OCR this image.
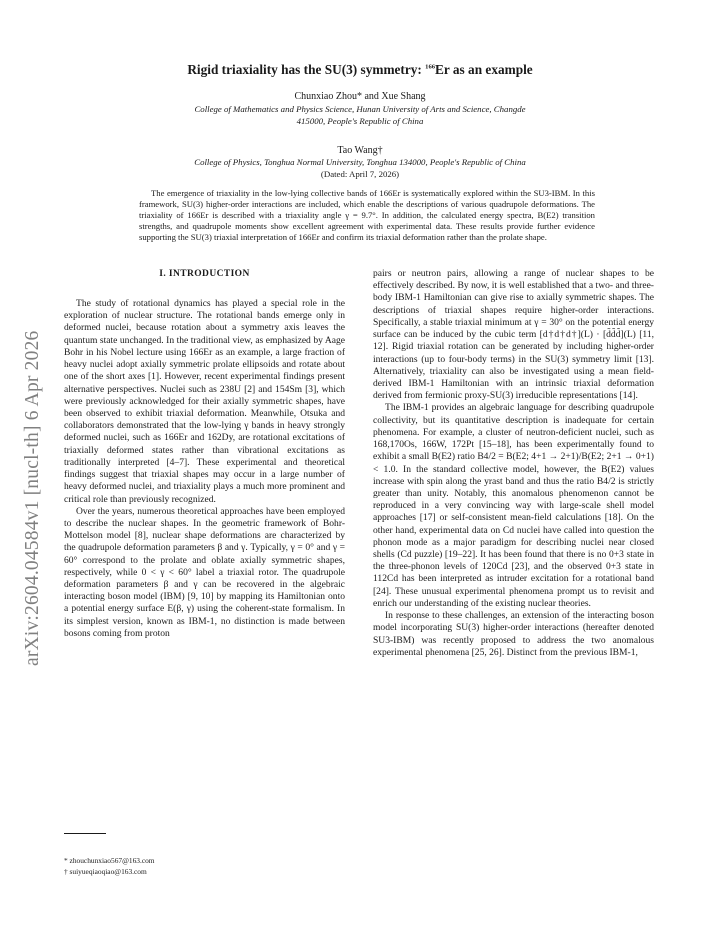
arXiv:2604.04584v1 [nucl-th] 6 Apr 2026
Rigid triaxiality has the SU(3) symmetry: $^{166}$Er as an example
Chunxiao Zhou* and Xue Shang
College of Mathematics and Physics Science, Hunan University of Arts and Science, Changde 415000, People's Republic of China
Tao Wang†
College of Physics, Tonghua Normal University, Tonghua 134000, People's Republic of China
(Dated: April 7, 2026)
The emergence of triaxiality in the low-lying collective bands of 166Er is systematically explored within the SU3-IBM. In this framework, SU(3) higher-order interactions are included, which enable the descriptions of various quadrupole deformations. The triaxiality of 166Er is described with a triaxiality angle γ = 9.7°. In addition, the calculated energy spectra, B(E2) transition strengths, and quadrupole moments show excellent agreement with experimental data. These results provide further evidence supporting the SU(3) triaxial interpretation of 166Er and confirm its triaxial deformation rather than the prolate shape.
I. INTRODUCTION

The study of rotational dynamics has played a special role in the exploration of nuclear structure. The rotational bands emerge only in deformed nuclei, because rotation about a symmetry axis leaves the quantum state unchanged. In the traditional view, as emphasized by Aage Bohr in his Nobel lecture using 166Er as an example, a large fraction of heavy nuclei adopt axially symmetric prolate ellipsoids and rotate about one of the short axes [1]. However, recent experimental findings present alternative perspectives. Nuclei such as 238U [2] and 154Sm [3], which were previously acknowledged for their axially symmetric shapes, have been observed to exhibit triaxial deformation. Meanwhile, Otsuka and collaborators demonstrated that the low-lying γ bands in heavy strongly deformed nuclei, such as 166Er and 162Dy, are rotational excitations of triaxially deformed states rather than vibrational excitations as traditionally interpreted [4–7]. These experimental and theoretical findings suggest that triaxial shapes may occur in a large number of heavy deformed nuclei, and triaxiality plays a much more prominent and critical role than previously recognized.

Over the years, numerous theoretical approaches have been employed to describe the nuclear shapes. In the geometric framework of Bohr-Mottelson model [8], nuclear shape deformations are characterized by the quadrupole deformation parameters β and γ. Typically, γ = 0° and γ = 60° correspond to the prolate and oblate axially symmetric shapes, respectively, while 0 < γ < 60° label a triaxial rotor. The quadrupole deformation parameters β and γ can be recovered in the algebraic interacting boson model (IBM) [9, 10] by mapping its Hamiltonian onto a potential energy surface E(β, γ) using the coherent-state formalism. In its simplest version, known as IBM-1, no distinction is made between bosons coming from proton

pairs or neutron pairs, allowing a range of nuclear shapes to be effectively described. By now, it is well established that a two- and three-body IBM-1 Hamiltonian can give rise to axially symmetric shapes. The descriptions of triaxial shapes require higher-order interactions. Specifically, a stable triaxial minimum at γ = 30° on the potential energy surface can be induced by the cubic term [d†d†d†](L) · [d̃d̃d̃](L) [11, 12]. Rigid triaxial rotation can be generated by including higher-order interactions (up to four-body terms) in the SU(3) symmetry limit [13]. Alternatively, triaxiality can also be investigated using a mean field-derived IBM-1 Hamiltonian with an intrinsic triaxial deformation derived from fermionic proxy-SU(3) irreducible representations [14].

The IBM-1 provides an algebraic language for describing quadrupole collectivity, but its quantitative description is inadequate for certain phenomena. For example, a cluster of neutron-deficient nuclei, such as 168,170Os, 166W, 172Pt [15–18], has been experimentally found to exhibit a small B(E2) ratio B4/2 = B(E2; 4+1 → 2+1)/B(E2; 2+1 → 0+1) < 1.0. In the standard collective model, however, the B(E2) values increase with spin along the yrast band and thus the ratio B4/2 is strictly greater than unity. Notably, this anomalous phenomenon cannot be reproduced in a very convincing way with large-scale shell model approaches [17] or self-consistent mean-field calculations [18]. On the other hand, experimental data on Cd nuclei have called into question the phonon mode as a major paradigm for describing nuclei near closed shells (Cd puzzle) [19–22]. It has been found that there is no 0+3 state in the three-phonon levels of 120Cd [23], and the observed 0+3 state in 112Cd has been interpreted as intruder excitation for a rotational band [24]. These unusual experimental phenomena prompt us to revisit and enrich our understanding of the existing nuclear theories.

In response to these challenges, an extension of the interacting boson model incorporating SU(3) higher-order interactions (hereafter denoted SU3-IBM) was recently proposed to address the two anomalous experimental phenomena [25, 26]. Distinct from the previous IBM-1,

* zhouchunxiao567@163.com
† suiyueqiaoqiao@163.com
